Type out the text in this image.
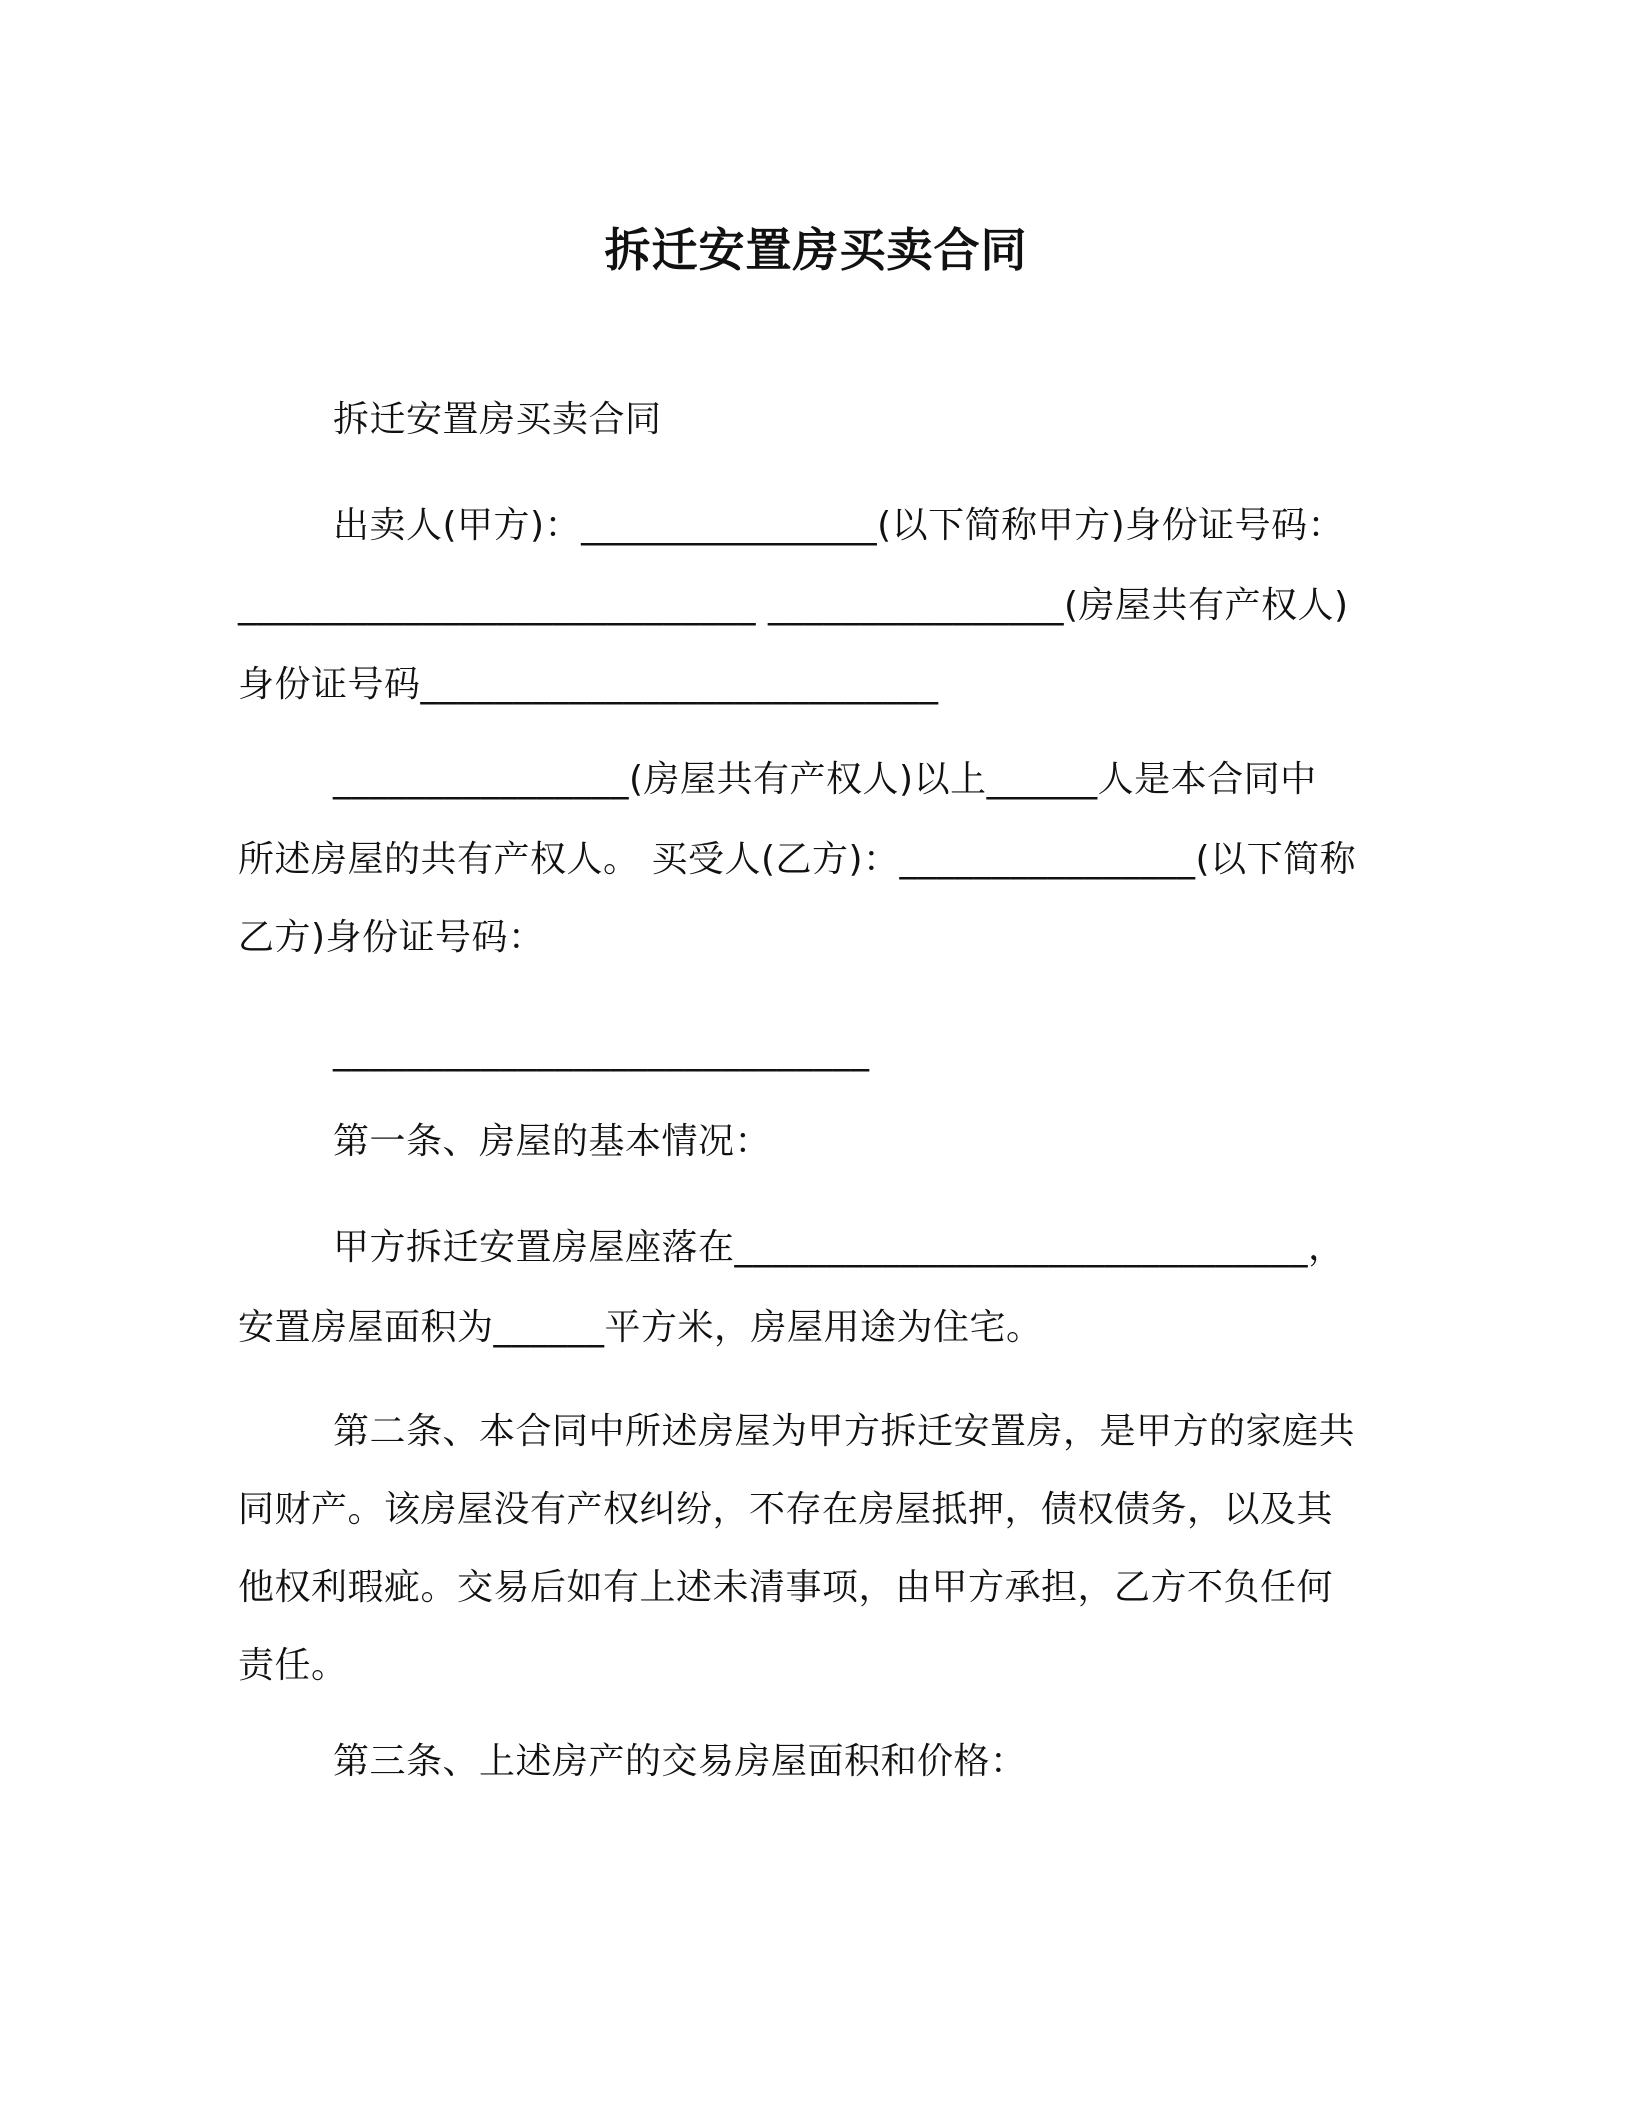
拆迁安置房买卖合同
拆迁安置房买卖合同
出卖人(甲方)：________________(以下简称甲方)身份证号码：
____________________________ ________________(房屋共有产权人)
身份证号码____________________________
________________(房屋共有产权人)以上______人是本合同中
所述房屋的共有产权人。 买受人(乙方)：________________(以下简称
乙方)身份证号码：
_____________________________
第一条、房屋的基本情况：
甲方拆迁安置房屋座落在_______________________________，
安置房屋面积为______平方米，房屋用途为住宅。
第二条、本合同中所述房屋为甲方拆迁安置房，是甲方的家庭共
同财产。该房屋没有产权纠纷，不存在房屋抵押，债权债务，以及其
他权利瑕疵。交易后如有上述未清事项，由甲方承担，乙方不负任何
责任。
第三条、上述房产的交易房屋面积和价格：
